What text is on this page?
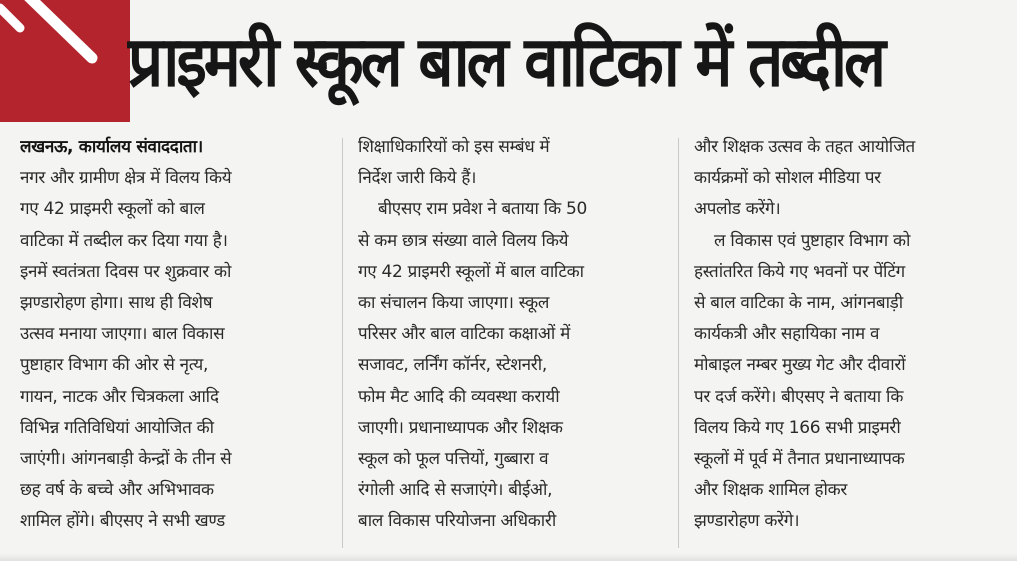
प्राइमरी स्कूल बाल वाटिका में तब्दील
लखनऊ, कार्यालय संवाददाता।
नगर और ग्रामीण क्षेत्र में विलय किये
गए 42 प्राइमरी स्कूलों को बाल
वाटिका में तब्दील कर दिया गया है।
इनमें स्वतंत्रता दिवस पर शुक्रवार को
झण्डारोहण होगा। साथ ही विशेष
उत्सव मनाया जाएगा। बाल विकास
पुष्टाहार विभाग की ओर से नृत्य,
गायन, नाटक और चित्रकला आदि
विभिन्न गतिविधियां आयोजित की
जाएंगी। आंगनबाड़ी केन्द्रों के तीन से
छह वर्ष के बच्चे और अभिभावक
शामिल होंगे। बीएसए ने सभी खण्ड
शिक्षाधिकारियों को इस सम्बंध में
निर्देश जारी किये हैं।
बीएसए राम प्रवेश ने बताया कि 50
से कम छात्र संख्या वाले विलय किये
गए 42 प्राइमरी स्कूलों में बाल वाटिका
का संचालन किया जाएगा। स्कूल
परिसर और बाल वाटिका कक्षाओं में
सजावट, लर्निंग कॉर्नर, स्टेशनरी,
फोम मैट आदि की व्यवस्था करायी
जाएगी। प्रधानाध्यापक और शिक्षक
स्कूल को फूल पत्तियों, गुब्बारा व
रंगोली आदि से सजाएंगे। बीईओ,
बाल विकास परियोजना अधिकारी
और शिक्षक उत्सव के तहत आयोजित
कार्यक्रमों को सोशल मीडिया पर
अपलोड करेंगे।
ल विकास एवं पुष्टाहार विभाग को
हस्तांतरित किये गए भवनों पर पेंटिंग
से बाल वाटिका के नाम, आंगनबाड़ी
कार्यकत्री और सहायिका नाम व
मोबाइल नम्बर मुख्य गेट और दीवारों
पर दर्ज करेंगे। बीएसए ने बताया कि
विलय किये गए 166 सभी प्राइमरी
स्कूलों में पूर्व में तैनात प्रधानाध्यापक
और शिक्षक शामिल होकर
झण्डारोहण करेंगे।
